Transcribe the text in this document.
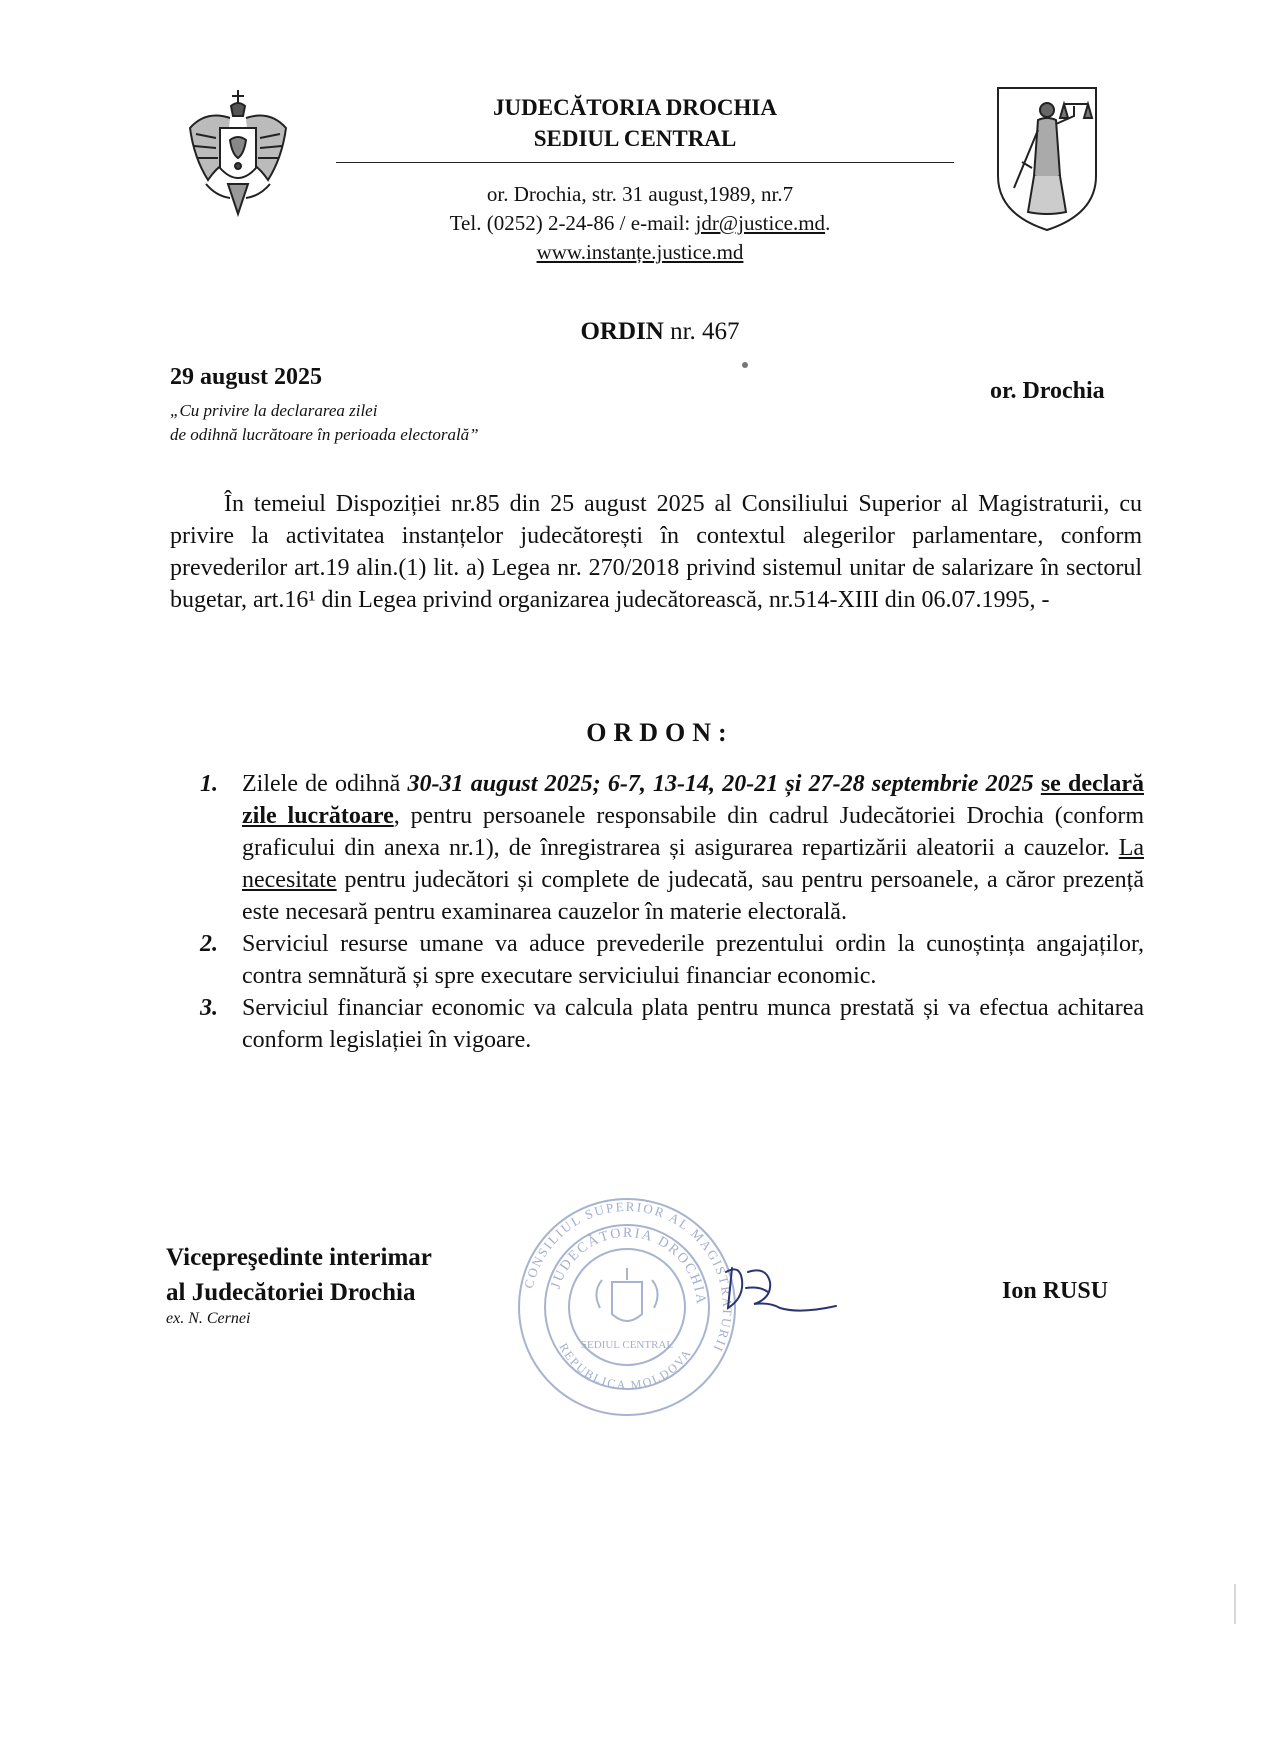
JUDECĂTORIA DROCHIA
SEDIUL CENTRAL
or. Drochia, str. 31 august,1989, nr.7
Tel. (0252) 2-24-86 / e-mail: jdr@justice.md.
www.instanțe.justice.md
ORDIN nr. 467
29 august 2025
„Cu privire la declararea zilei
de odihnă lucrătoare în perioada electorală”
or. Drochia
În temeiul Dispoziției nr.85 din 25 august 2025 al Consiliului Superior al Magistraturii, cu privire la activitatea instanțelor judecătorești în contextul alegerilor parlamentare, conform prevederilor art.19 alin.(1) lit. a) Legea nr. 270/2018 privind sistemul unitar de salarizare în sectorul bugetar, art.16¹ din Legea privind organizarea judecătorească, nr.514-XIII din 06.07.1995, -
ORDON:
1.	Zilele de odihnă 30-31 august 2025; 6-7, 13-14, 20-21 și 27-28 septembrie 2025 se declară zile lucrătoare, pentru persoanele responsabile din cadrul Judecătoriei Drochia (conform graficului din anexa nr.1), de înregistrarea și asigurarea repartizării aleatorii a cauzelor. La necesitate pentru judecători și complete de judecată, sau pentru persoanele, a căror prezență este necesară pentru examinarea cauzelor în materie electorală.
2.	Serviciul resurse umane va aduce prevederile prezentului ordin la cunoștința angajaților, contra semnătură și spre executare serviciului financiar economic.
3.	Serviciul financiar economic va calcula plata pentru munca prestată și va efectua achitarea conform legislației în vigoare.
Vicepreşedinte interimar
al Judecătoriei Drochia
ex. N. Cernei
Ion RUSU
CONSILIUL SUPERIOR AL MAGISTRATURII
JUDECĂTORIA DROCHIA
SEDIUL CENTRAL
REPUBLICA MOLDOVA
